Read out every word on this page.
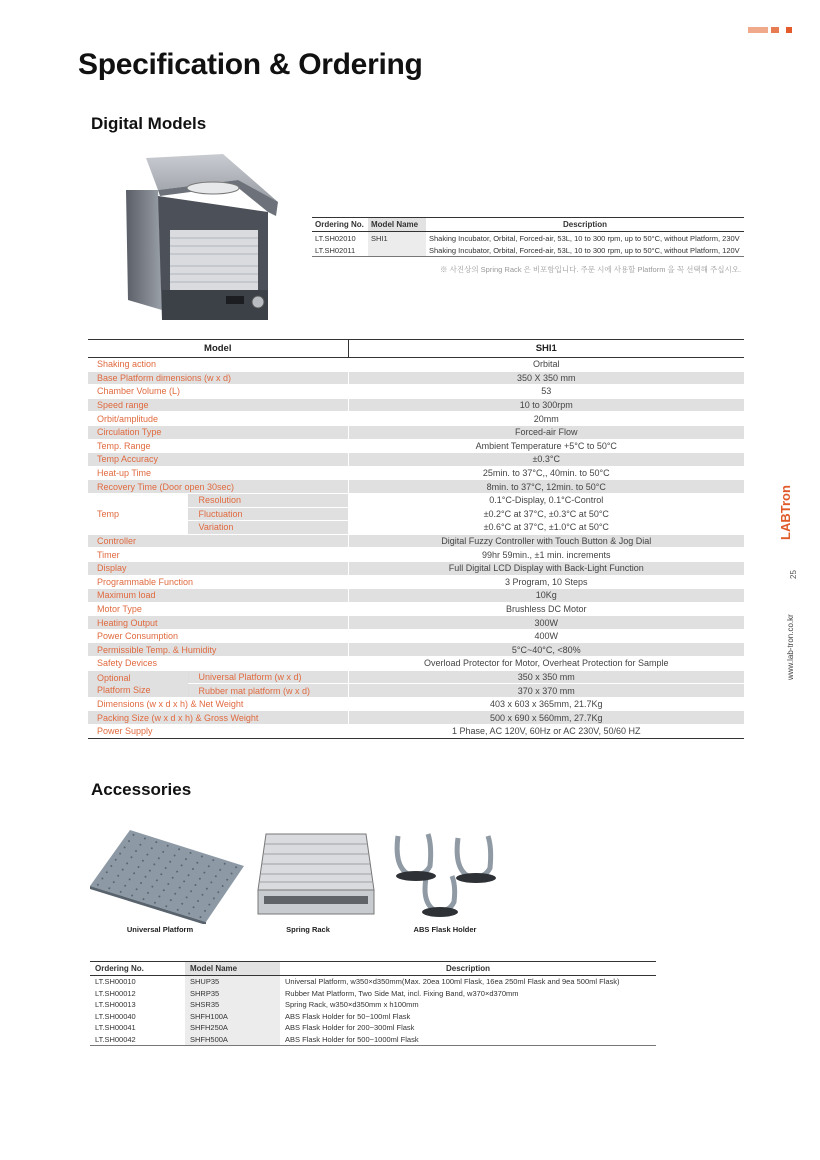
Specification & Ordering
Digital Models
Ordering No.	Model Name	Description
LT.SH02010	SHI1	Shaking Incubator, Orbital, Forced-air, 53L, 10 to 300 rpm, up to 50°C, without Platform, 230V
LT.SH02011		Shaking Incubator, Orbital, Forced-air, 53L, 10 to 300 rpm, up to 50°C, without Platform, 120V
※ 사진상의 Spring Rack 은 비포함입니다. 주문 시에 사용할 Platform 을 꼭 선택해 주십시오.
Model		SHI1
Shaking action		Orbital
Base Platform dimensions (w x d)		350 X 350 mm
Chamber Volume (L)		53
Speed range		10 to 300rpm
Orbit/amplitude		20mm
Circulation Type		Forced-air Flow
Temp. Range		Ambient Temperature +5°C to 50°C
Temp Accuracy		±0.3°C
Heat-up Time		25min. to 37°C,, 40min. to 50°C
Recovery Time (Door open 30sec)		8min. to 37°C, 12min. to 50°C
Temp	Resolution	0.1°C-Display, 0.1°C-Control
	Fluctuation	±0.2°C at 37°C, ±0.3°C at 50°C
	Variation	±0.6°C at 37°C, ±1.0°C at 50°C
Controller		Digital Fuzzy Controller with Touch Button & Jog Dial
Timer		99hr 59min., ±1 min. increments
Display		Full Digital LCD Display with Back-Light Function
Programmable Function		3 Program, 10 Steps
Maximum load		10Kg
Motor Type		Brushless DC Motor
Heating Output		300W
Power Consumption		400W
Permissible Temp. & Humidity		5°C~40°C, <80%
Safety Devices		Overload Protector for Motor, Overheat Protection for Sample
Optional
Platform Size	Universal Platform (w x d)	350 x 350 mm
	Rubber mat platform (w x d)	370 x 370 mm
Dimensions (w x d x h) & Net Weight		403 x 603 x 365mm, 21.7Kg
Packing Size (w x d x h) & Gross Weight		500 x 690 x 560mm, 27.7Kg
Power Supply		1 Phase, AC 120V, 60Hz or AC 230V, 50/60 HZ
Accessories
Universal Platform	Spring Rack	ABS Flask Holder
Ordering No.	Model Name	Description
LT.SH00010	SHUP35	Universal Platform, w350×d350mm(Max. 20ea 100ml Flask, 16ea 250ml Flask and 9ea 500ml Flask)
LT.SH00012	SHRP35	Rubber Mat Platform, Two Side Mat, incl. Fixing Band, w370×d370mm
LT.SH00013	SHSR35	Spring Rack, w350×d350mm x h100mm
LT.SH00040	SHFH100A	ABS Flask Holder for 50~100ml Flask
LT.SH00041	SHFH250A	ABS Flask Holder for 200~300ml Flask
LT.SH00042	SHFH500A	ABS Flask Holder for 500~1000ml Flask
LABTron
25
www.lab-tron.co.kr
